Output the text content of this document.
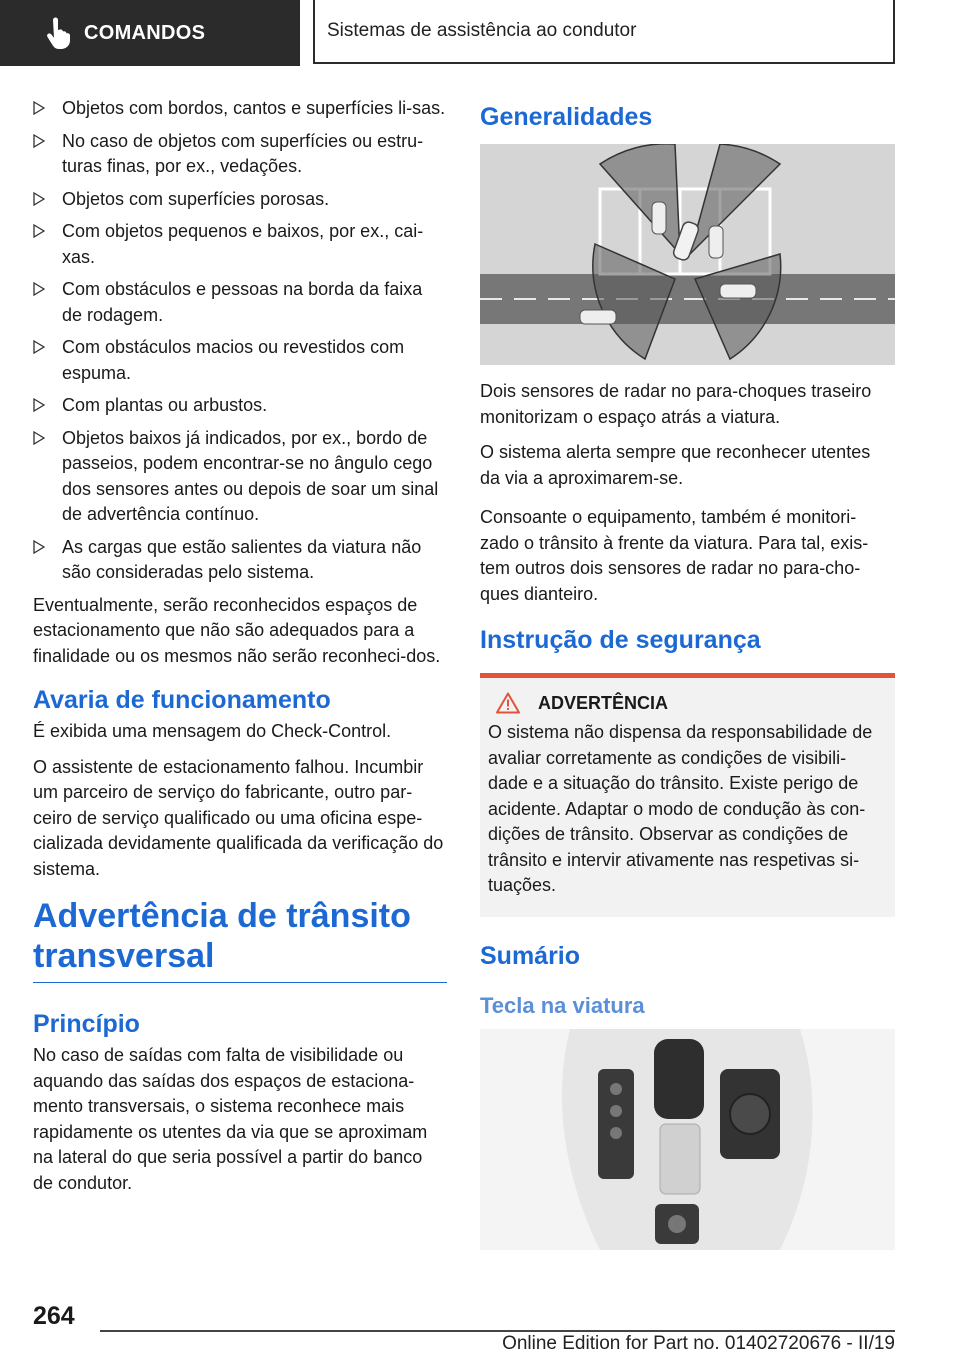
COMANDOS	Sistemas de assistência ao condutor
Objetos com bordos, cantos e superfícies li-sas.
No caso de objetos com superfícies ou estru-turas finas, por ex., vedações.
Objetos com superfícies porosas.
Com objetos pequenos e baixos, por ex., cai-xas.
Com obstáculos e pessoas na borda da faixa de rodagem.
Com obstáculos macios ou revestidos com espuma.
Com plantas ou arbustos.
Objetos baixos já indicados, por ex., bordo de passeios, podem encontrar-se no ângulo cego dos sensores antes ou depois de soar um sinal de advertência contínuo.
As cargas que estão salientes da viatura não são consideradas pelo sistema.

Eventualmente, serão reconhecidos espaços de estacionamento que não são adequados para a finalidade ou os mesmos não serão reconheci-dos.

Avaria de funcionamento

É exibida uma mensagem do Check-Control.

O assistente de estacionamento falhou. Incumbir um parceiro de serviço do fabricante, outro par-ceiro de serviço qualificado ou uma oficina espe-cializada devidamente qualificada da verificação do sistema.

Advertência de trânsito transversal
Princípio

No caso de saídas com falta de visibilidade ou aquando das saídas dos espaços de estaciona-mento transversais, o sistema reconhece mais rapidamente os utentes da via que se aproximam na lateral do que seria possível a partir do banco de condutor.

Generalidades

Dois sensores de radar no para-choques traseiro monitorizam o espaço atrás a viatura.

O sistema alerta sempre que reconhecer utentes da via a aproximarem-se.

Consoante o equipamento, também é monitori-zado o trânsito à frente da viatura. Para tal, exis-tem outros dois sensores de radar no para-cho-ques dianteiro.

Instrução de segurança
ADVERTÊNCIA

O sistema não dispensa da responsabilidade de avaliar corretamente as condições de visibili-dade e a situação do trânsito. Existe perigo de acidente. Adaptar o modo de condução às con-dições de trânsito. Observar as condições de trânsito e intervir ativamente nas respetivas si-tuações.

Sumário
Tecla na viatura
264
Online Edition for Part no. 01402720676 - II/19
